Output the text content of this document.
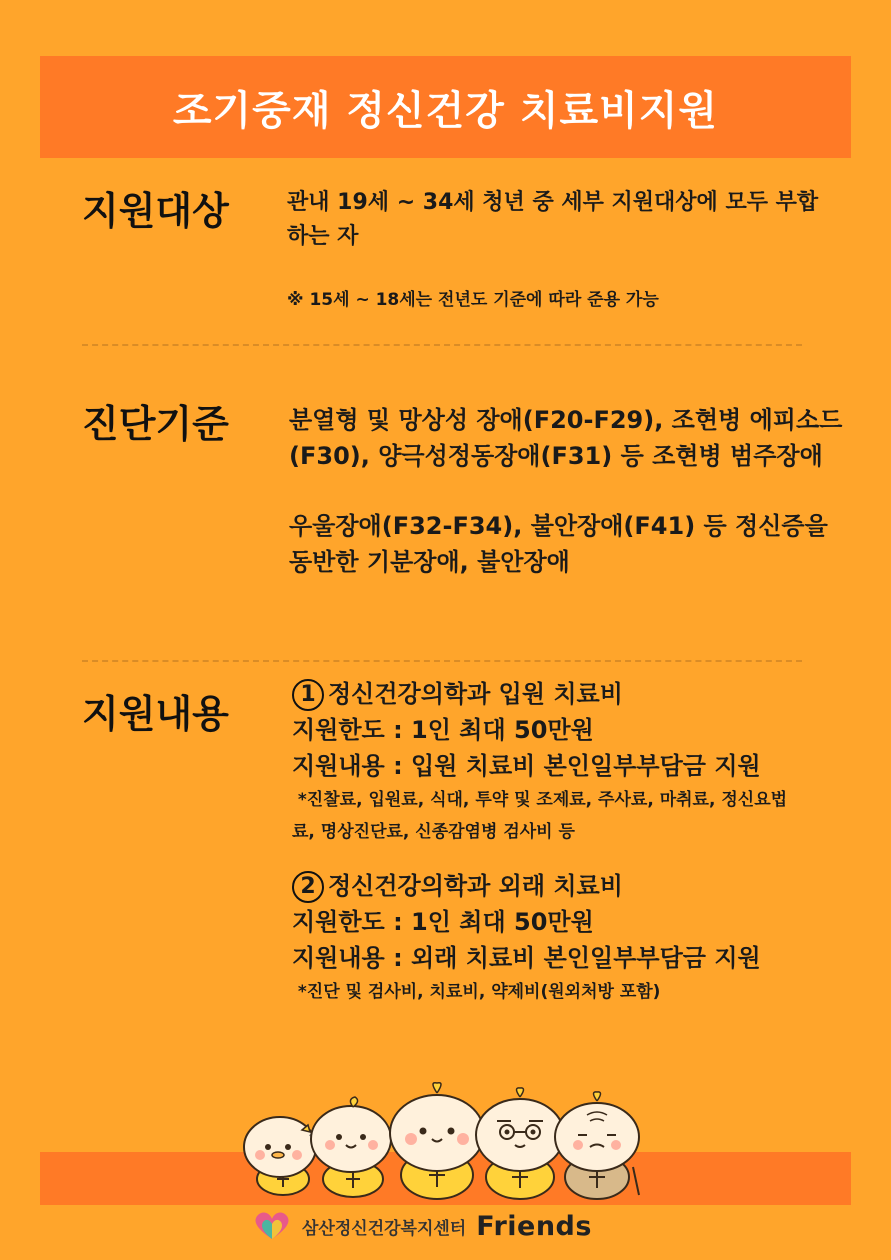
조기중재 정신건강 치료비지원
지원대상	관내 19세 ~ 34세 청년 중 세부 지원대상에 모두 부합

하는 자

※ 15세 ~ 18세는 전년도 기준에 따라 준용 가능

진단기준	분열형 및 망상성 장애(F20-F29), 조현병 에피소드

(F30), 양극성정동장애(F31) 등 조현병 범주장애

우울장애(F32-F34), 불안장애(F41) 등 정신증을

동반한 기분장애, 불안장애

지원내용	1 정신건강의학과 입원 치료비

지원한도 : 1인 최대 50만원

지원내용 : 입원 치료비 본인일부부담금 지원

*진찰료, 입원료, 식대, 투약 및 조제료, 주사료, 마취료, 정신요법

료, 명상진단료, 신종감염병 검사비 등

2 정신건강의학과 외래 치료비

지원한도 : 1인 최대 50만원

지원내용 : 외래 치료비 본인일부부담금 지원

*진단 및 검사비, 치료비, 약제비(원외처방 포함)

삼산정신건강복지센터 Friends
